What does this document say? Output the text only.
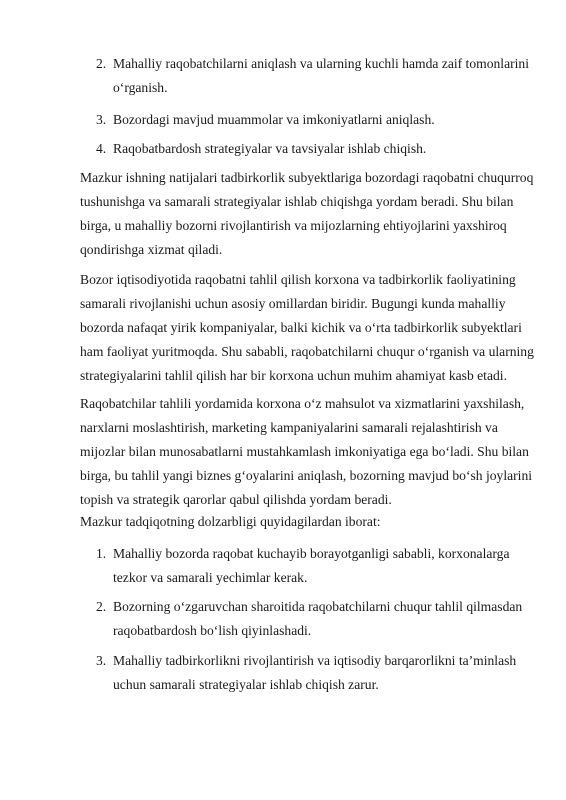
2. Mahalliy raqobatchilarni aniqlash va ularning kuchli hamda zaif tomonlarini o‘rganish.
3. Bozordagi mavjud muammolar va imkoniyatlarni aniqlash.
4. Raqobatbardosh strategiyalar va tavsiyalar ishlab chiqish.

Mazkur ishning natijalari tadbirkorlik subyektlariga bozordagi raqobatni chuqurroq tushunishga va samarali strategiyalar ishlab chiqishga yordam beradi. Shu bilan birga, u mahalliy bozorni rivojlantirish va mijozlarning ehtiyojlarini yaxshiroq qondirishga xizmat qiladi.

Bozor iqtisodiyotida raqobatni tahlil qilish korxona va tadbirkorlik faoliyatining samarali rivojlanishi uchun asosiy omillardan biridir. Bugungi kunda mahalliy bozorda nafaqat yirik kompaniyalar, balki kichik va o‘rta tadbirkorlik subyektlari ham faoliyat yuritmoqda. Shu sababli, raqobatchilarni chuqur o‘rganish va ularning strategiyalarini tahlil qilish har bir korxona uchun muhim ahamiyat kasb etadi.

Raqobatchilar tahlili yordamida korxona o‘z mahsulot va xizmatlarini yaxshilash, narxlarni moslashtirish, marketing kampaniyalarini samarali rejalashtirish va mijozlar bilan munosabatlarni mustahkamlash imkoniyatiga ega bo‘ladi. Shu bilan birga, bu tahlil yangi biznes g‘oyalarini aniqlash, bozorning mavjud bo‘sh joylarini topish va strategik qarorlar qabul qilishda yordam beradi.

Mazkur tadqiqotning dolzarbligi quyidagilardan iborat:

1. Mahalliy bozorda raqobat kuchayib borayotganligi sababli, korxonalarga tezkor va samarali yechimlar kerak.
2. Bozorning o‘zgaruvchan sharoitida raqobatchilarni chuqur tahlil qilmasdan raqobatbardosh bo‘lish qiyinlashadi.
3. Mahalliy tadbirkorlikni rivojlantirish va iqtisodiy barqarorlikni ta’minlash uchun samarali strategiyalar ishlab chiqish zarur.
